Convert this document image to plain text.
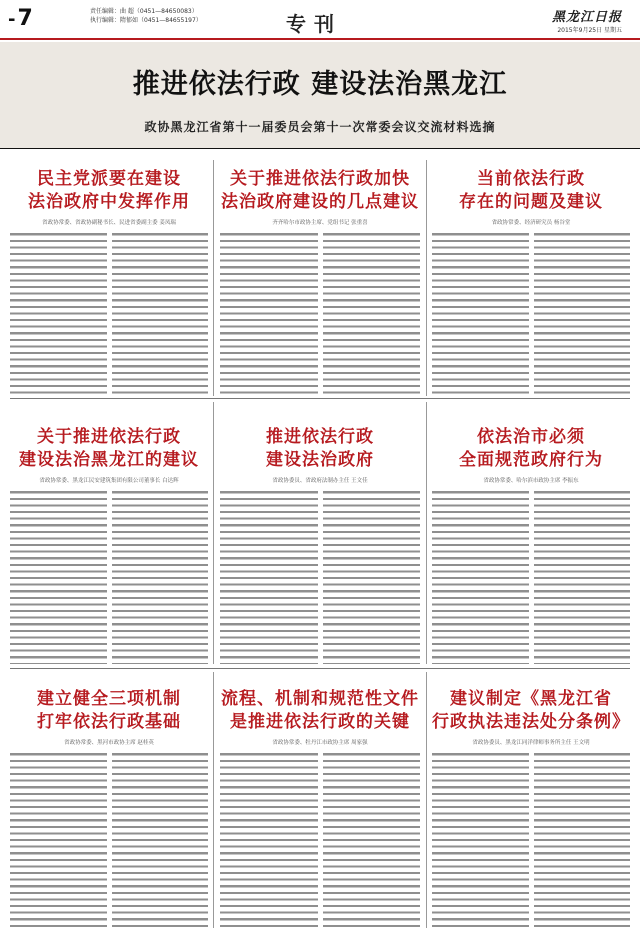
-7	责任编辑：曲 超（0451—84650083）
执行编辑：隋郁如（0451—84655197）	专刊	黑龙江日报
2015年9月25日 星期五
推进依法行政 建设法治黑龙江
政协黑龙江省第十一届委员会第十一次常委会议交流材料选摘
民主党派要在建设
法治政府中发挥作用
省政协常委、省政协副秘书长、民进省委副主委 姜凤瑞
关于推进依法行政加快
法治政府建设的几点建议
齐齐哈尔市政协主席、党组书记 张重喜
当前依法行政
存在的问题及建议
省政协常委、经济研究员 杨谷堂
关于推进依法行政
建设法治黑龙江的建议
省政协常委、黑龙江民安建筑集团有限公司董事长 白达辉
推进依法行政
建设法治政府
省政协委员、省政府法制办主任 王文佳
依法治市必须
全面规范政府行为
省政协常委、哈尔滨市政协主席 李振东
建立健全三项机制
打牢依法行政基础
省政协常委、黑河市政协主席 赵桂英
流程、机制和规范性文件
是推进依法行政的关键
省政协常委、牡丹江市政协主席 周家强
建议制定《黑龙江省
行政执法违法处分条例》
省政协委员、黑龙江同洋律师事务所主任 王文明
